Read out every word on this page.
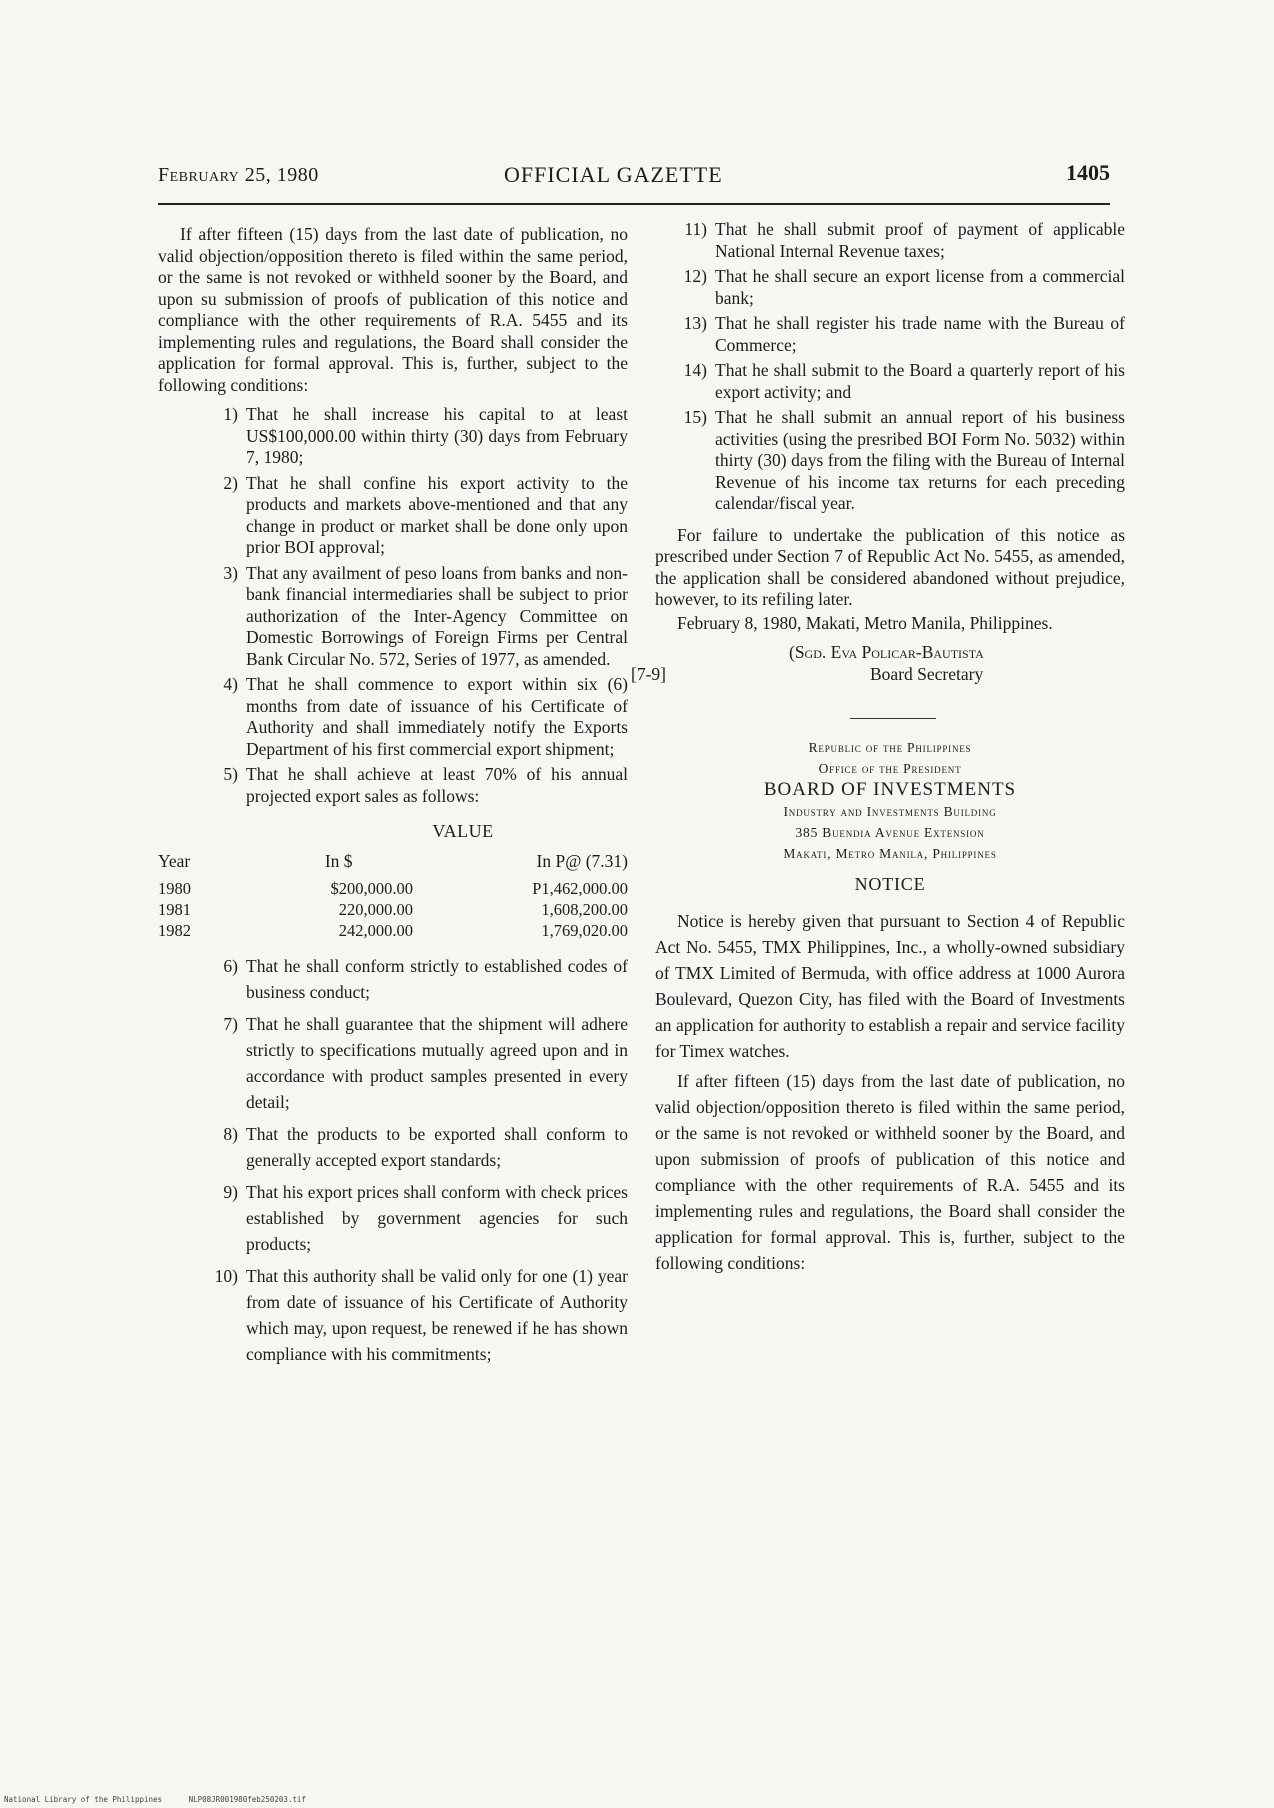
February 25, 1980	OFFICIAL GAZETTE	1405

If after fifteen (15) days from the last date of publication, no valid objection/opposition thereto is filed within the same period, or the same is not revoked or withheld sooner by the Board, and upon su submission of proofs of publication of this notice and compliance with the other requirements of R.A. 5455 and its implementing rules and regulations, the Board shall consider the application for formal approval. This is, further, subject to the following conditions:

1) That he shall increase his capital to at least US$100,000.00 within thirty (30) days from February 7, 1980;
2) That he shall confine his export activity to the products and markets above-mentioned and that any change in product or market shall be done only upon prior BOI approval;
3) That any availment of peso loans from banks and non-bank financial intermediaries shall be subject to prior authorization of the Inter-Agency Committee on Domestic Borrowings of Foreign Firms per Central Bank Circular No. 572, Series of 1977, as amended.
4) That he shall commence to export within six (6) months from date of issuance of his Certificate of Authority and shall immediately notify the Exports Department of his first commercial export shipment;
5) That he shall achieve at least 70% of his annual projected export sales as follows:
VALUE
Year	In $	In P@ (7.31)
1980	$200,000.00	P1,462,000.00
1981	220,000.00	1,608,200.00
1982	242,000.00	1,769,020.00
6) That he shall conform strictly to established codes of business conduct;
7) That he shall guarantee that the shipment will adhere strictly to specifications mutually agreed upon and in accordance with product samples presented in every detail;
8) That the products to be exported shall conform to generally accepted export standards;
9) That his export prices shall conform with check prices established by government agencies for such products;
10) That this authority shall be valid only for one (1) year from date of issuance of his Certificate of Authority which may, upon request, be renewed if he has shown compliance with his commitments;
11) That he shall submit proof of payment of applicable National Internal Revenue taxes;
12) That he shall secure an export license from a commercial bank;
13) That he shall register his trade name with the Bureau of Commerce;
14) That he shall submit to the Board a quarterly report of his export activity; and
15) That he shall submit an annual report of his business activities (using the presribed BOI Form No. 5032) within thirty (30) days from the filing with the Bureau of Internal Revenue of his income tax returns for each preceding calendar/fiscal year.

For failure to undertake the publication of this notice as prescribed under Section 7 of Republic Act No. 5455, as amended, the application shall be considered abandoned without prejudice, however, to its refiling later.

February 8, 1980, Makati, Metro Manila, Philippines.

(Sgd. Eva Policar-Bautista
Board Secretary
[7-9]
Republic of the Philippines
Office of the President
BOARD OF INVESTMENTS
Industry and Investments Building
385 Buendia Avenue Extension
Makati, Metro Manila, Philippines
NOTICE

Notice is hereby given that pursuant to Section 4 of Republic Act No. 5455, TMX Philippines, Inc., a wholly-owned subsidiary of TMX Limited of Bermuda, with office address at 1000 Aurora Boulevard, Quezon City, has filed with the Board of Investments an application for authority to establish a repair and service facility for Timex watches.

If after fifteen (15) days from the last date of publication, no valid objection/opposition thereto is filed within the same period, or the same is not revoked or withheld sooner by the Board, and upon submission of proofs of publication of this notice and compliance with the other requirements of R.A. 5455 and its implementing rules and regulations, the Board shall consider the application for formal approval. This is, further, subject to the following conditions:

National Library of the Philippines	NLP08JR001980feb250203.tif
